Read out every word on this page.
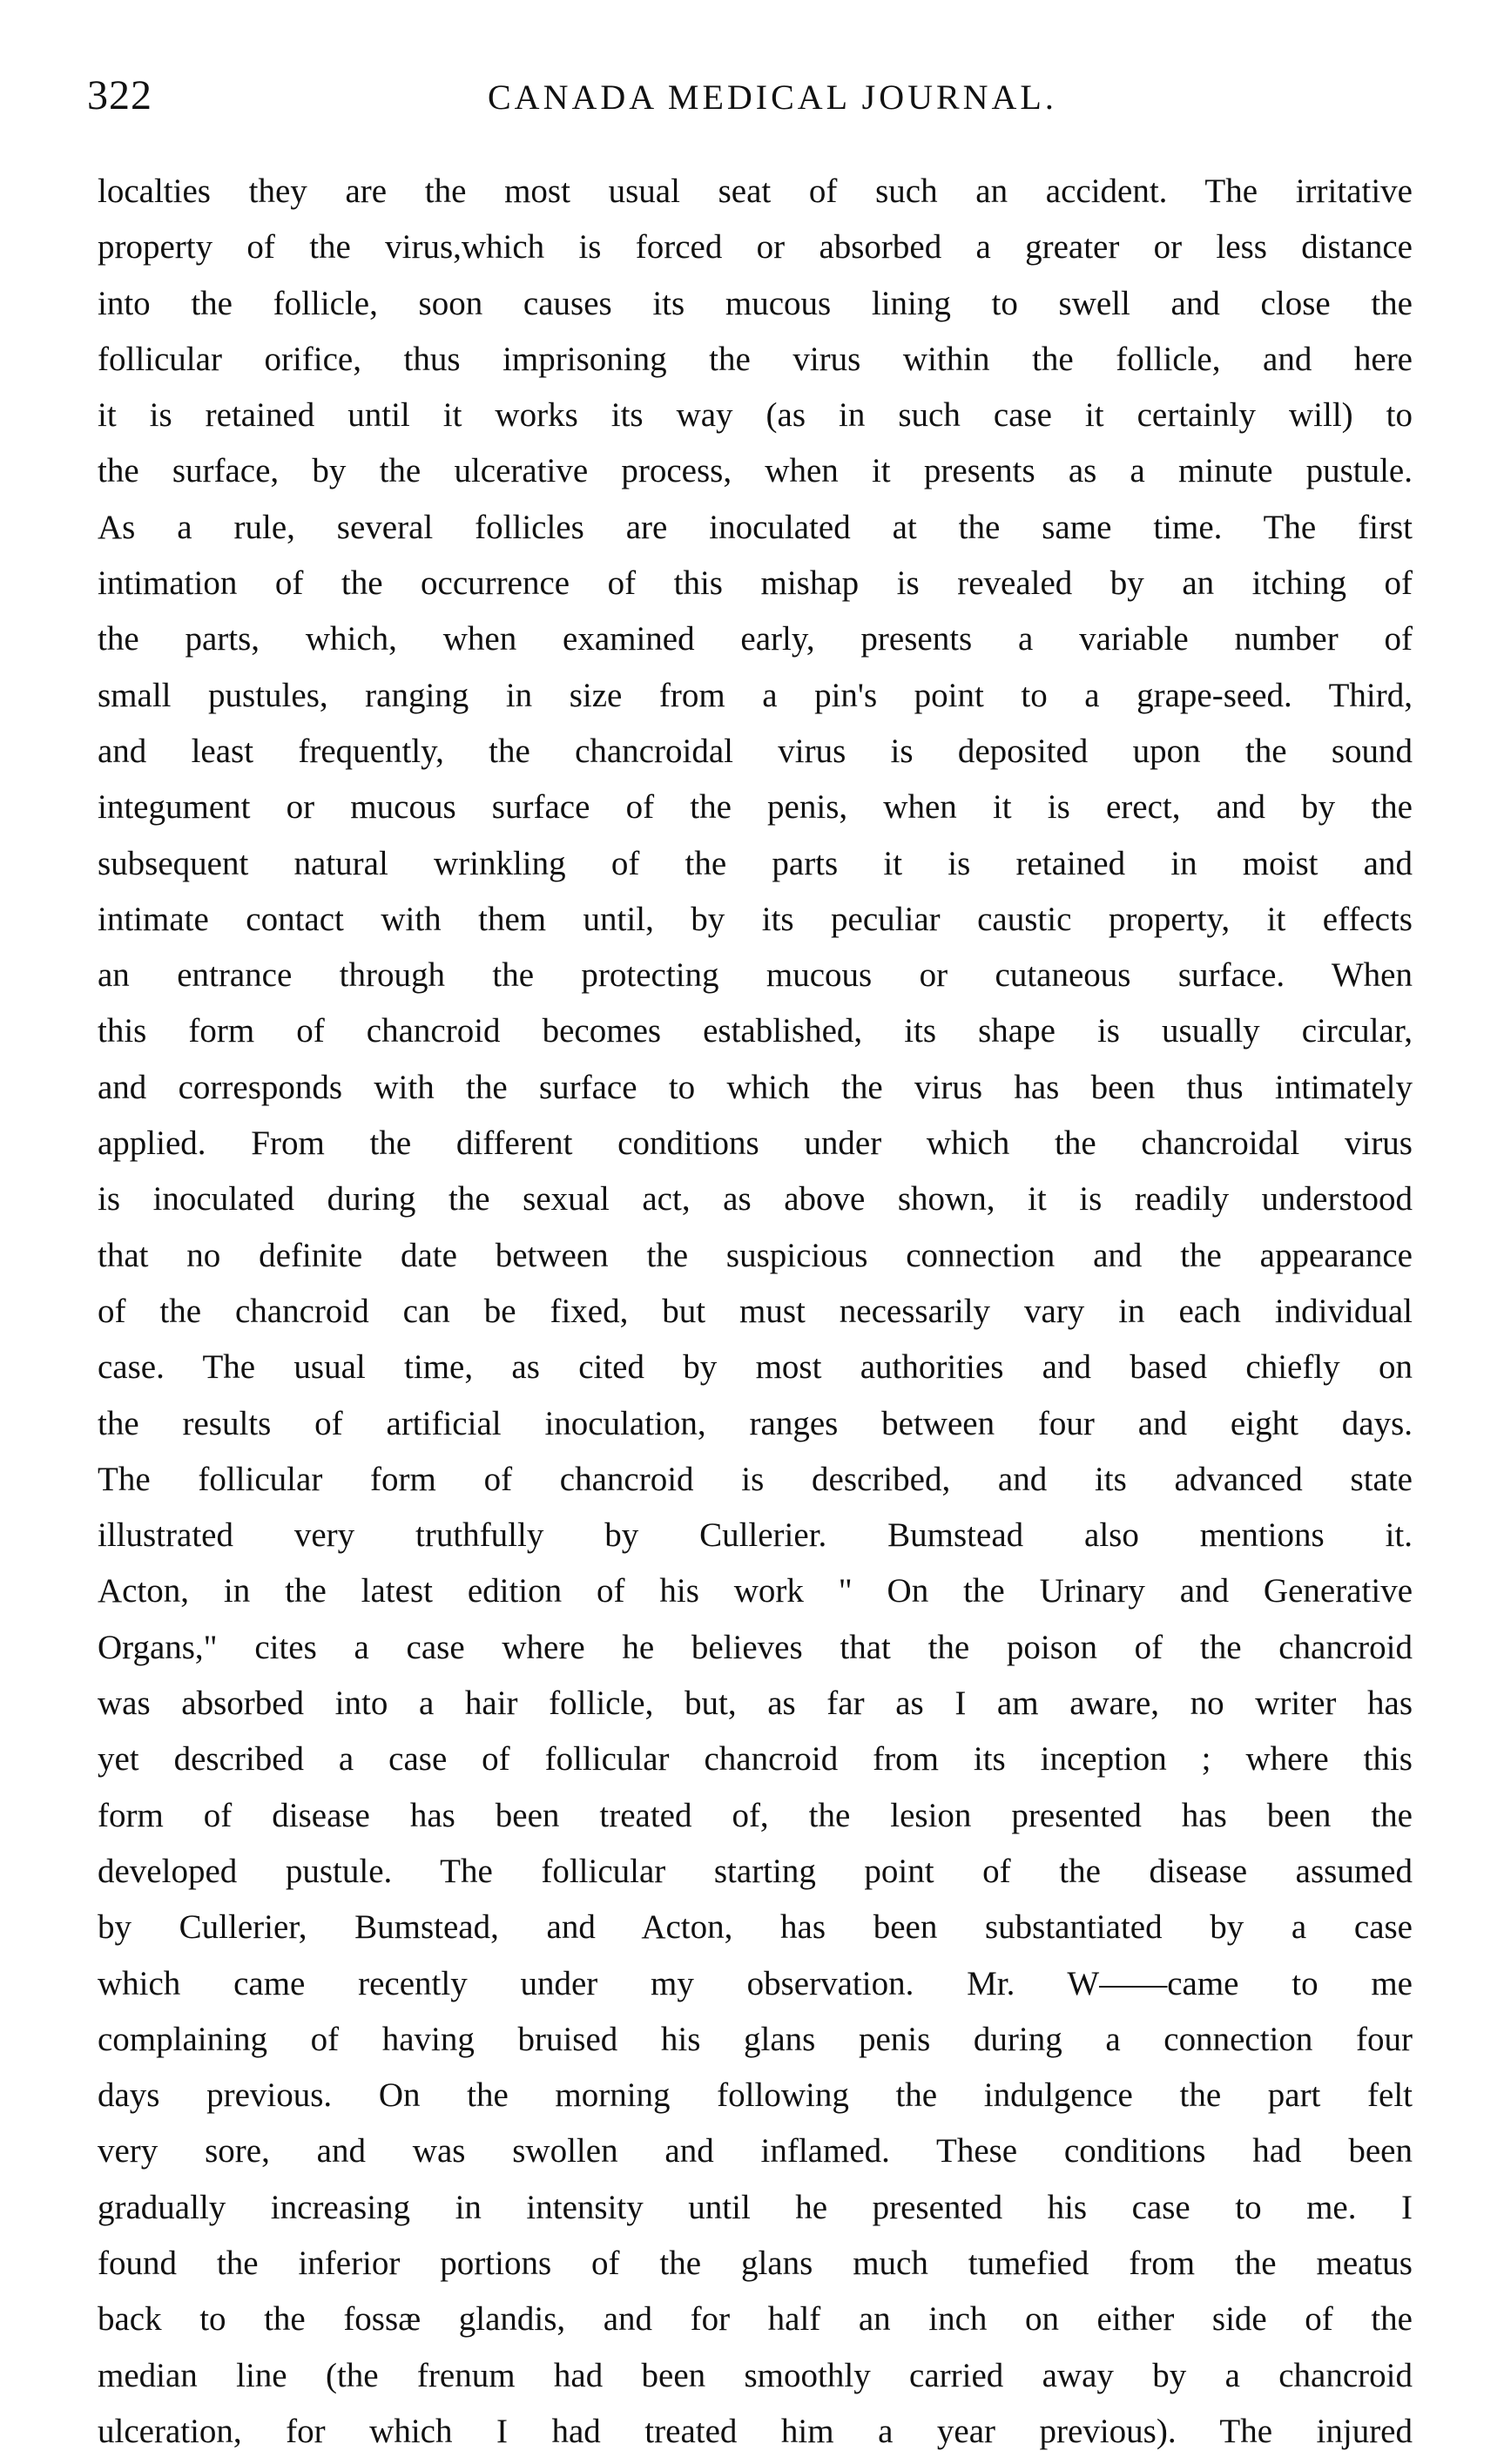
322	CANADA MEDICAL JOURNAL.
localties they are the most usual seat of such an accident. The irritative
property of the virus,which is forced or absorbed a greater or less distance
into the follicle, soon causes its mucous lining to swell and close the
follicular orifice, thus imprisoning the virus within the follicle, and here
it is retained until it works its way (as in such case it certainly will) to
the surface, by the ulcerative process, when it presents as a minute pustule.
As a rule, several follicles are inoculated at the same time. The first
intimation of the occurrence of this mishap is revealed by an itching of
the parts, which, when examined early, presents a variable number of
small pustules, ranging in size from a pin's point to a grape-seed. Third,
and least frequently, the chancroidal virus is deposited upon the sound
integument or mucous surface of the penis, when it is erect, and by the
subsequent natural wrinkling of the parts it is retained in moist and
intimate contact with them until, by its peculiar caustic property, it effects
an entrance through the protecting mucous or cutaneous surface. When
this form of chancroid becomes established, its shape is usually circular,
and corresponds with the surface to which the virus has been thus intimately
applied. From the different conditions under which the chancroidal virus
is inoculated during the sexual act, as above shown, it is readily understood
that no definite date between the suspicious connection and the appearance
of the chancroid can be fixed, but must necessarily vary in each individual
case. The usual time, as cited by most authorities and based chiefly on
the results of artificial inoculation, ranges between four and eight days.
The follicular form of chancroid is described, and its advanced state
illustrated very truthfully by Cullerier. Bumstead also mentions it.
Acton, in the latest edition of his work " On the Urinary and Generative
Organs," cites a case where he believes that the poison of the chancroid
was absorbed into a hair follicle, but, as far as I am aware, no writer has
yet described a case of follicular chancroid from its inception ; where this
form of disease has been treated of, the lesion presented has been the
developed pustule. The follicular starting point of the disease assumed
by Cullerier, Bumstead, and Acton, has been substantiated by a case
which came recently under my observation. Mr. W——came to me
complaining of having bruised his glans penis during a connection four
days previous. On the morning following the indulgence the part felt
very sore, and was swollen and inflamed. These conditions had been
gradually increasing in intensity until he presented his case to me. I
found the inferior portions of the glans much tumefied from the meatus
back to the fossæ glandis, and for half an inch on either side of the
median line (the frenum had been smoothly carried away by a chancroid
ulceration, for which I had treated him a year previous). The injured
